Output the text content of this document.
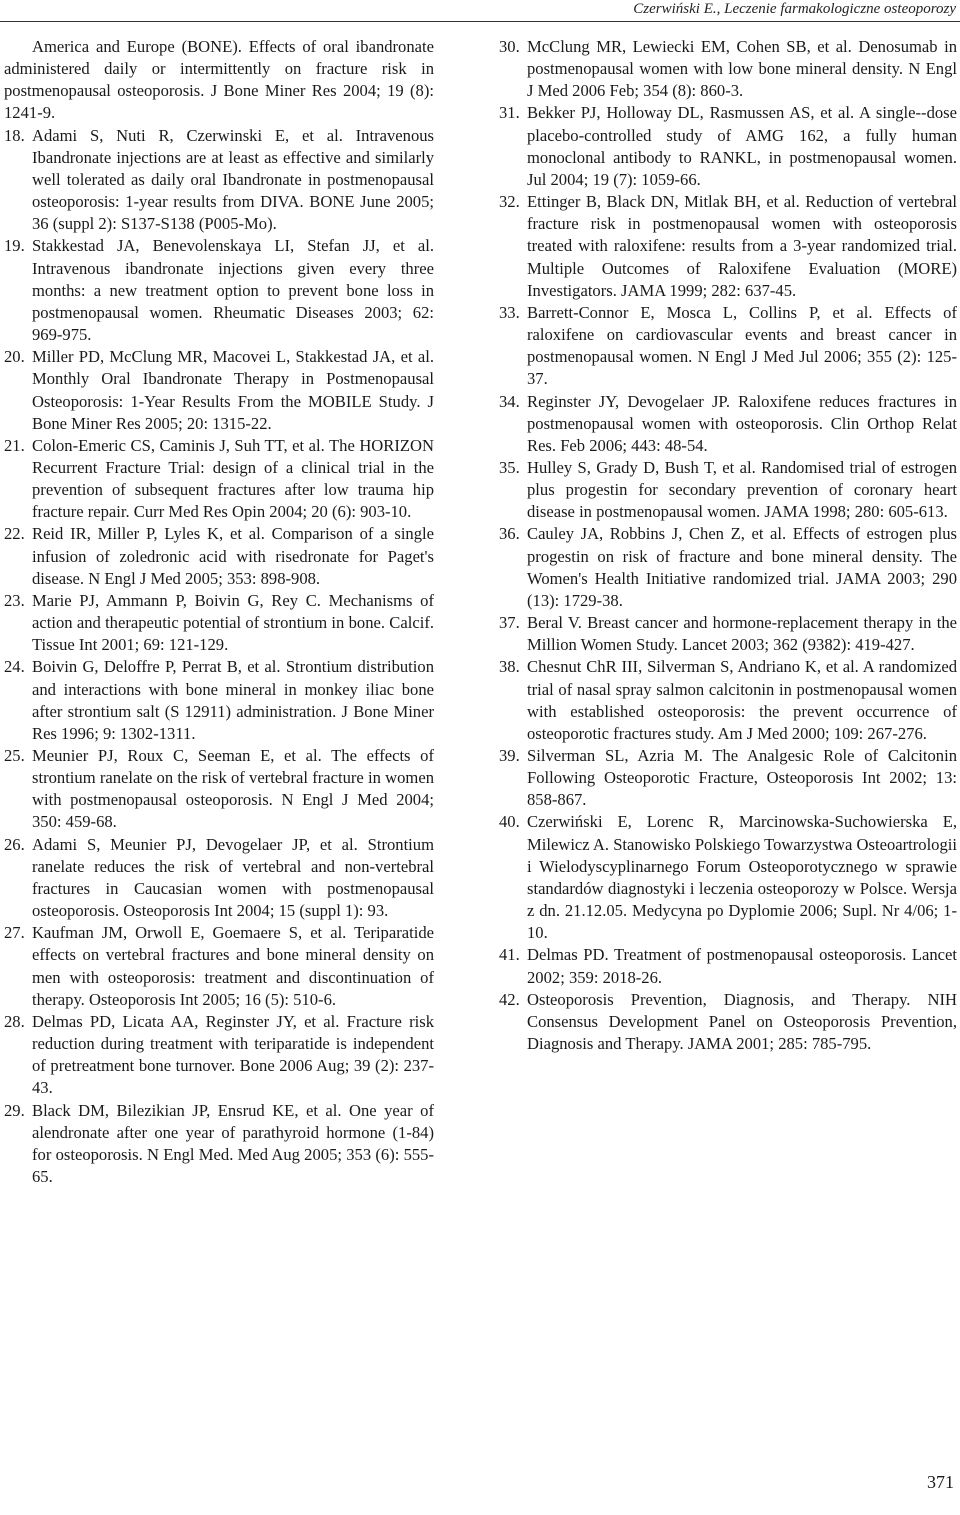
Czerwiński E., Leczenie farmakologiczne osteoporozy
America and Europe (BONE). Effects of oral ibandronate administered daily or intermittently on fracture risk in postmenopausal osteoporosis. J Bone Miner Res 2004; 19 (8): 1241-9.
18. Adami S, Nuti R, Czerwinski E, et al. Intravenous Ibandronate injections are at least as effective and similarly well tolerated as daily oral Ibandronate in postmenopausal osteoporosis: 1-year results from DIVA. BONE June 2005; 36 (suppl 2): S137-S138 (P005-Mo).
19. Stakkestad JA, Benevolenskaya LI, Stefan JJ, et al. Intravenous ibandronate injections given every three months: a new treatment option to prevent bone loss in postmenopausal women. Rheumatic Diseases 2003; 62: 969-975.
20. Miller PD, McClung MR, Macovei L, Stakkestad JA, et al. Monthly Oral Ibandronate Therapy in Postmenopausal Osteoporosis: 1-Year Results From the MOBILE Study. J Bone Miner Res 2005; 20: 1315-22.
21. Colon-Emeric CS, Caminis J, Suh TT, et al. The HORIZON Recurrent Fracture Trial: design of a clinical trial in the prevention of subsequent fractures after low trauma hip fracture repair. Curr Med Res Opin 2004; 20 (6): 903-10.
22. Reid IR, Miller P, Lyles K, et al. Comparison of a single infusion of zoledronic acid with risedronate for Paget's disease. N Engl J Med 2005; 353: 898-908.
23. Marie PJ, Ammann P, Boivin G, Rey C. Mechanisms of action and therapeutic potential of strontium in bone. Calcif. Tissue Int 2001; 69: 121-129.
24. Boivin G, Deloffre P, Perrat B, et al. Strontium distribution and interactions with bone mineral in monkey iliac bone after strontium salt (S 12911) administration. J Bone Miner Res 1996; 9: 1302-1311.
25. Meunier PJ, Roux C, Seeman E, et al. The effects of strontium ranelate on the risk of vertebral fracture in women with postmenopausal osteoporosis. N Engl J Med 2004; 350: 459-68.
26. Adami S, Meunier PJ, Devogelaer JP, et al. Strontium ranelate reduces the risk of vertebral and non-vertebral fractures in Caucasian women with postmenopausal osteoporosis. Osteoporosis Int 2004; 15 (suppl 1): 93.
27. Kaufman JM, Orwoll E, Goemaere S, et al. Teriparatide effects on vertebral fractures and bone mineral density on men with osteoporosis: treatment and discontinuation of therapy. Osteoporosis Int 2005; 16 (5): 510-6.
28. Delmas PD, Licata AA, Reginster JY, et al. Fracture risk reduction during treatment with teriparatide is independent of pretreatment bone turnover. Bone 2006 Aug; 39 (2): 237-43.
29. Black DM, Bilezikian JP, Ensrud KE, et al. One year of alendronate after one year of parathyroid hormone (1-84) for osteoporosis. N Engl Med. Med Aug 2005; 353 (6): 555-65.
30. McClung MR, Lewiecki EM, Cohen SB, et al. Denosumab in postmenopausal women with low bone mineral density. N Engl J Med 2006 Feb; 354 (8): 860-3.
31. Bekker PJ, Holloway DL, Rasmussen AS, et al. A single--dose placebo-controlled study of AMG 162, a fully human monoclonal antibody to RANKL, in postmenopausal women. Jul 2004; 19 (7): 1059-66.
32. Ettinger B, Black DN, Mitlak BH, et al. Reduction of vertebral fracture risk in postmenopausal women with osteoporosis treated with raloxifene: results from a 3-year randomized trial. Multiple Outcomes of Raloxifene Evaluation (MORE) Investigators. JAMA 1999; 282: 637-45.
33. Barrett-Connor E, Mosca L, Collins P, et al. Effects of raloxifene on cardiovascular events and breast cancer in postmenopausal women. N Engl J Med Jul 2006; 355 (2): 125-37.
34. Reginster JY, Devogelaer JP. Raloxifene reduces fractures in postmenopausal women with osteoporosis. Clin Orthop Relat Res. Feb 2006; 443: 48-54.
35. Hulley S, Grady D, Bush T, et al. Randomised trial of estrogen plus progestin for secondary prevention of coronary heart disease in postmenopausal women. JAMA 1998; 280: 605-613.
36. Cauley JA, Robbins J, Chen Z, et al. Effects of estrogen plus progestin on risk of fracture and bone mineral density. The Women's Health Initiative randomized trial. JAMA 2003; 290 (13): 1729-38.
37. Beral V. Breast cancer and hormone-replacement therapy in the Million Women Study. Lancet 2003; 362 (9382): 419-427.
38. Chesnut ChR III, Silverman S, Andriano K, et al. A randomized trial of nasal spray salmon calcitonin in postmenopausal women with established osteoporosis: the prevent occurrence of osteoporotic fractures study. Am J Med 2000; 109: 267-276.
39. Silverman SL, Azria M. The Analgesic Role of Calcitonin Following Osteoporotic Fracture, Osteoporosis Int 2002; 13: 858-867.
40. Czerwiński E, Lorenc R, Marcinowska-Suchowierska E, Milewicz A. Stanowisko Polskiego Towarzystwa Osteoartrologii i Wielodyscyplinarnego Forum Osteoporotycznego w sprawie standardów diagnostyki i leczenia osteoporozy w Polsce. Wersja z dn. 21.12.05. Medycyna po Dyplomie 2006; Supl. Nr 4/06; 1-10.
41. Delmas PD. Treatment of postmenopausal osteoporosis. Lancet 2002; 359: 2018-26.
42. Osteoporosis Prevention, Diagnosis, and Therapy. NIH Consensus Development Panel on Osteoporosis Prevention, Diagnosis and Therapy. JAMA 2001; 285: 785-795.
371
